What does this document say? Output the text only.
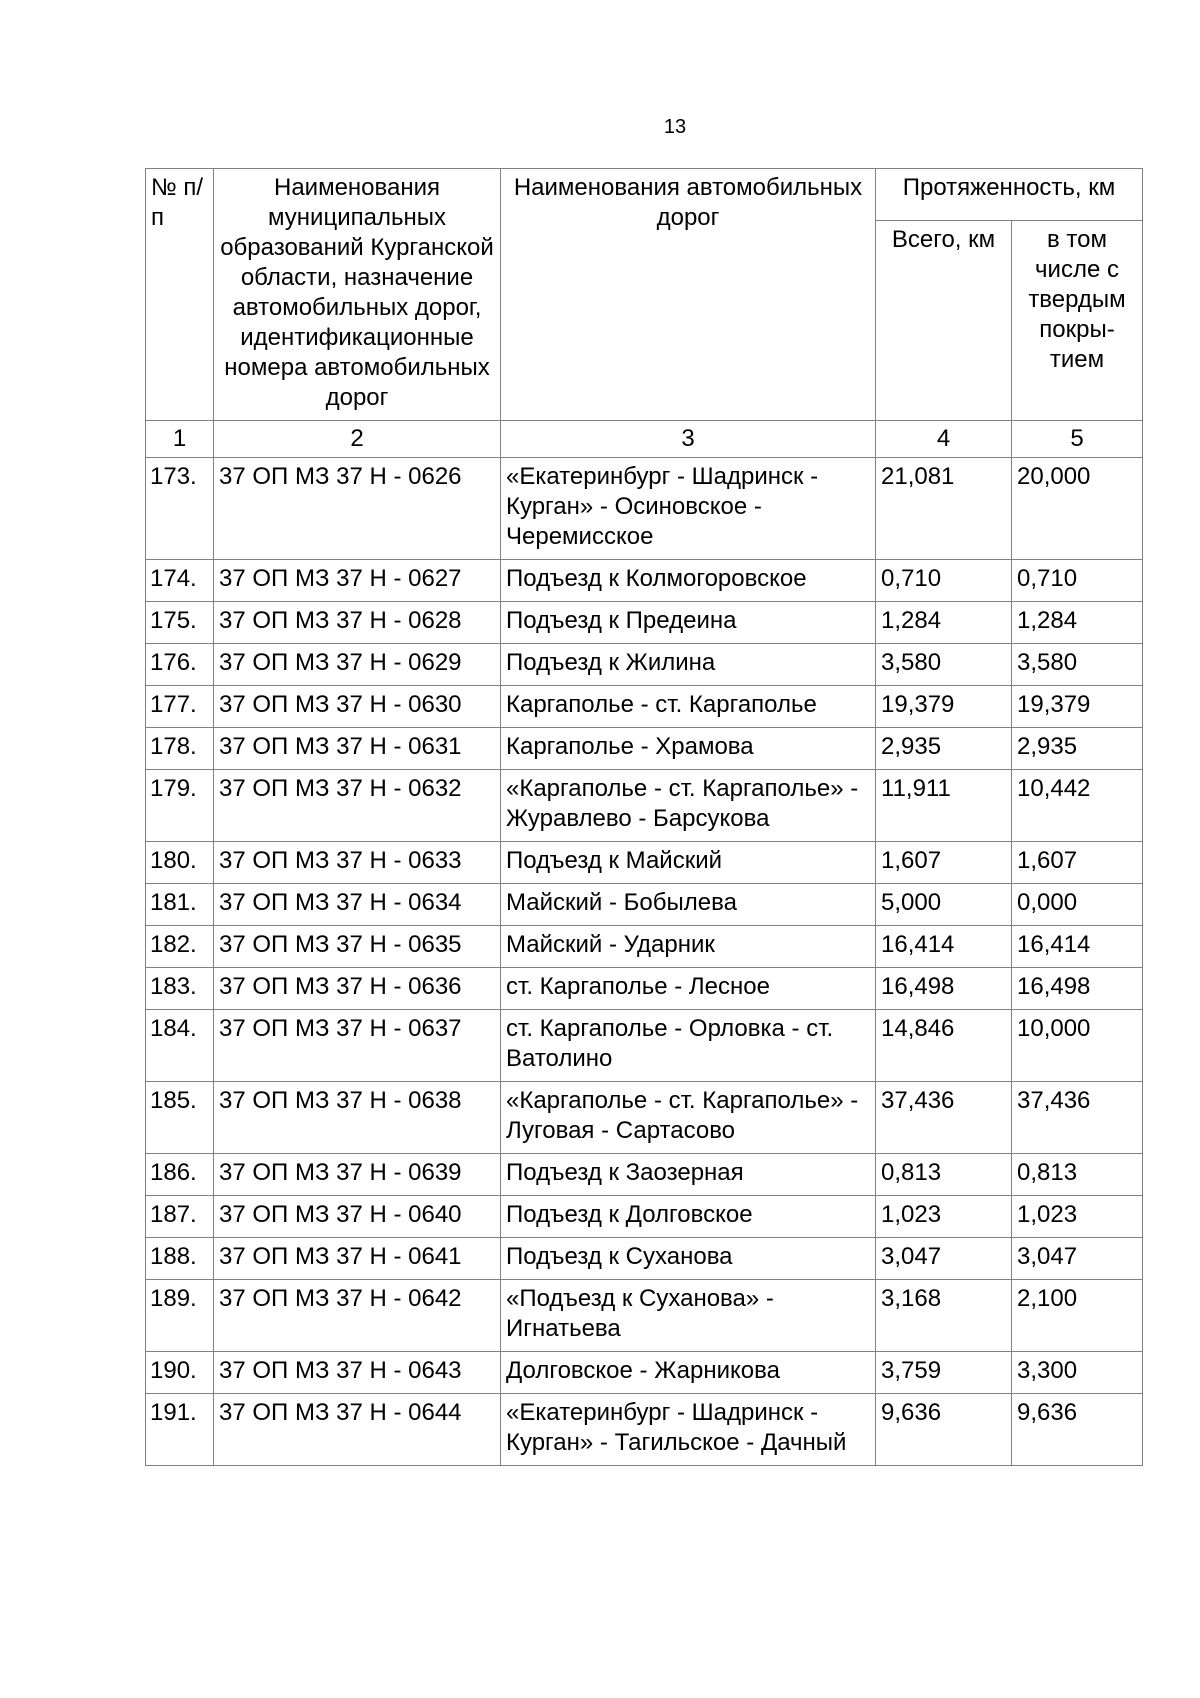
13
№ п/п	Наименования муниципальных образований Курганской области, назначение автомобильных дорог, идентификационные номера автомобильных дорог	Наименования автомобильных дорог	Протяженность, км	
			Всего, км	в том числе с твердым покры-тием
1	2	3	4	5
173.	37 ОП МЗ 37 Н - 0626	«Екатеринбург - Шадринск - Курган» - Осиновское - Черемисское	21,081	20,000
174.	37 ОП МЗ 37 Н - 0627	Подъезд к Колмогоровское	0,710	0,710
175.	37 ОП МЗ 37 Н - 0628	Подъезд к Предеина	1,284	1,284
176.	37 ОП МЗ 37 Н - 0629	Подъезд к Жилина	3,580	3,580
177.	37 ОП МЗ 37 Н - 0630	Каргаполье - ст. Каргаполье	19,379	19,379
178.	37 ОП МЗ 37 Н - 0631	Каргаполье - Храмова	2,935	2,935
179.	37 ОП МЗ 37 Н - 0632	«Каргаполье - ст. Каргаполье» - Журавлево - Барсукова	11,911	10,442
180.	37 ОП МЗ 37 Н - 0633	Подъезд к Майский	1,607	1,607
181.	37 ОП МЗ 37 Н - 0634	Майский - Бобылева	5,000	0,000
182.	37 ОП МЗ 37 Н - 0635	Майский - Ударник	16,414	16,414
183.	37 ОП МЗ 37 Н - 0636	ст. Каргаполье - Лесное	16,498	16,498
184.	37 ОП МЗ 37 Н - 0637	ст. Каргаполье - Орловка - ст. Ватолино	14,846	10,000
185.	37 ОП МЗ 37 Н - 0638	«Каргаполье - ст. Каргаполье» - Луговая - Сартасово	37,436	37,436
186.	37 ОП МЗ 37 Н - 0639	Подъезд к Заозерная	0,813	0,813
187.	37 ОП МЗ 37 Н - 0640	Подъезд к Долговское	1,023	1,023
188.	37 ОП МЗ 37 Н - 0641	Подъезд к Суханова	3,047	3,047
189.	37 ОП МЗ 37 Н - 0642	«Подъезд к Суханова» - Игнатьева	3,168	2,100
190.	37 ОП МЗ 37 Н - 0643	Долговское - Жарникова	3,759	3,300
191.	37 ОП МЗ 37 Н - 0644	«Екатеринбург - Шадринск - Курган» - Тагильское - Дачный	9,636	9,636
